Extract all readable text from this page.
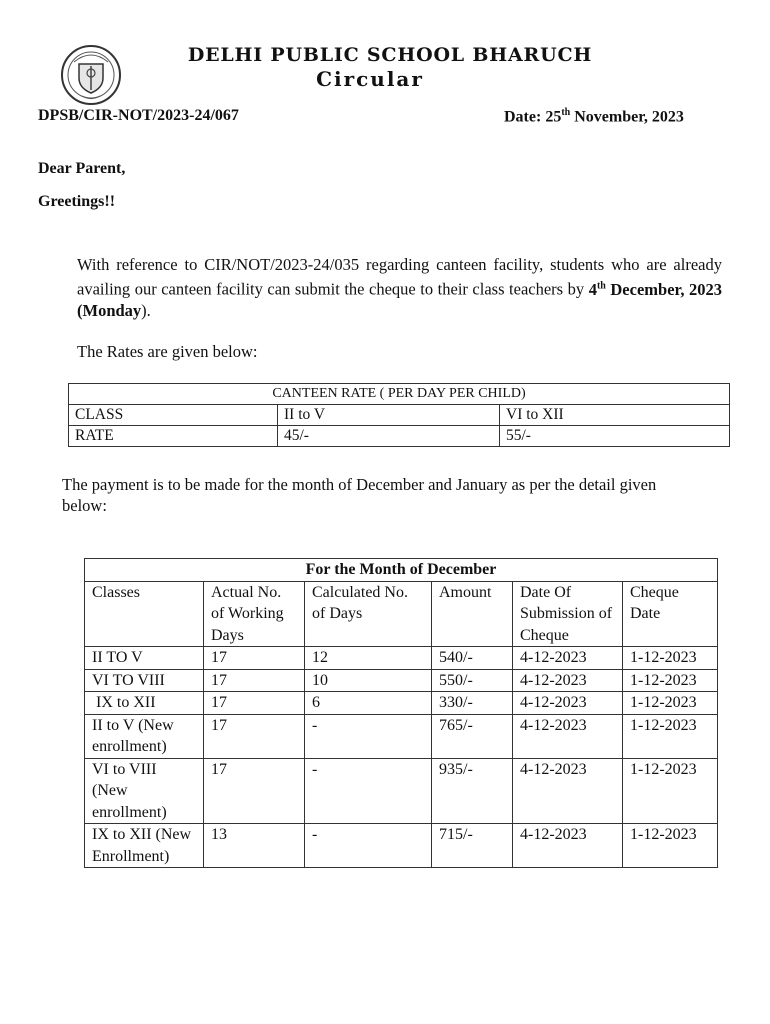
DELHI PUBLIC SCHOOL BHARUCH
Circular
DPSB/CIR-NOT/2023-24/067	Date: 25th November, 2023
Dear Parent,
Greetings!!
With reference to CIR/NOT/2023-24/035 regarding canteen facility, students who are already availing our canteen facility can submit the cheque to their class teachers by 4th December, 2023 (Monday).
The Rates are given below:
CANTEEN RATE ( PER DAY PER CHILD)		
CLASS	II to V	VI to XII
RATE	45/-	55/-
The payment is to be made for the month of December and January as per the detail given below:
For the Month of December					
Classes	Actual No. of Working Days	Calculated No. of Days	Amount	Date Of Submission of Cheque	Cheque Date
II TO V	17	12	540/-	4-12-2023	1-12-2023
VI TO VIII	17	10	550/-	4-12-2023	1-12-2023
IX to XII	17	6	330/-	4-12-2023	1-12-2023
II to V (New enrollment)	17	-	765/-	4-12-2023	1-12-2023
VI to VIII (New enrollment)	17	-	935/-	4-12-2023	1-12-2023
IX to XII (New Enrollment)	13	-	715/-	4-12-2023	1-12-2023
